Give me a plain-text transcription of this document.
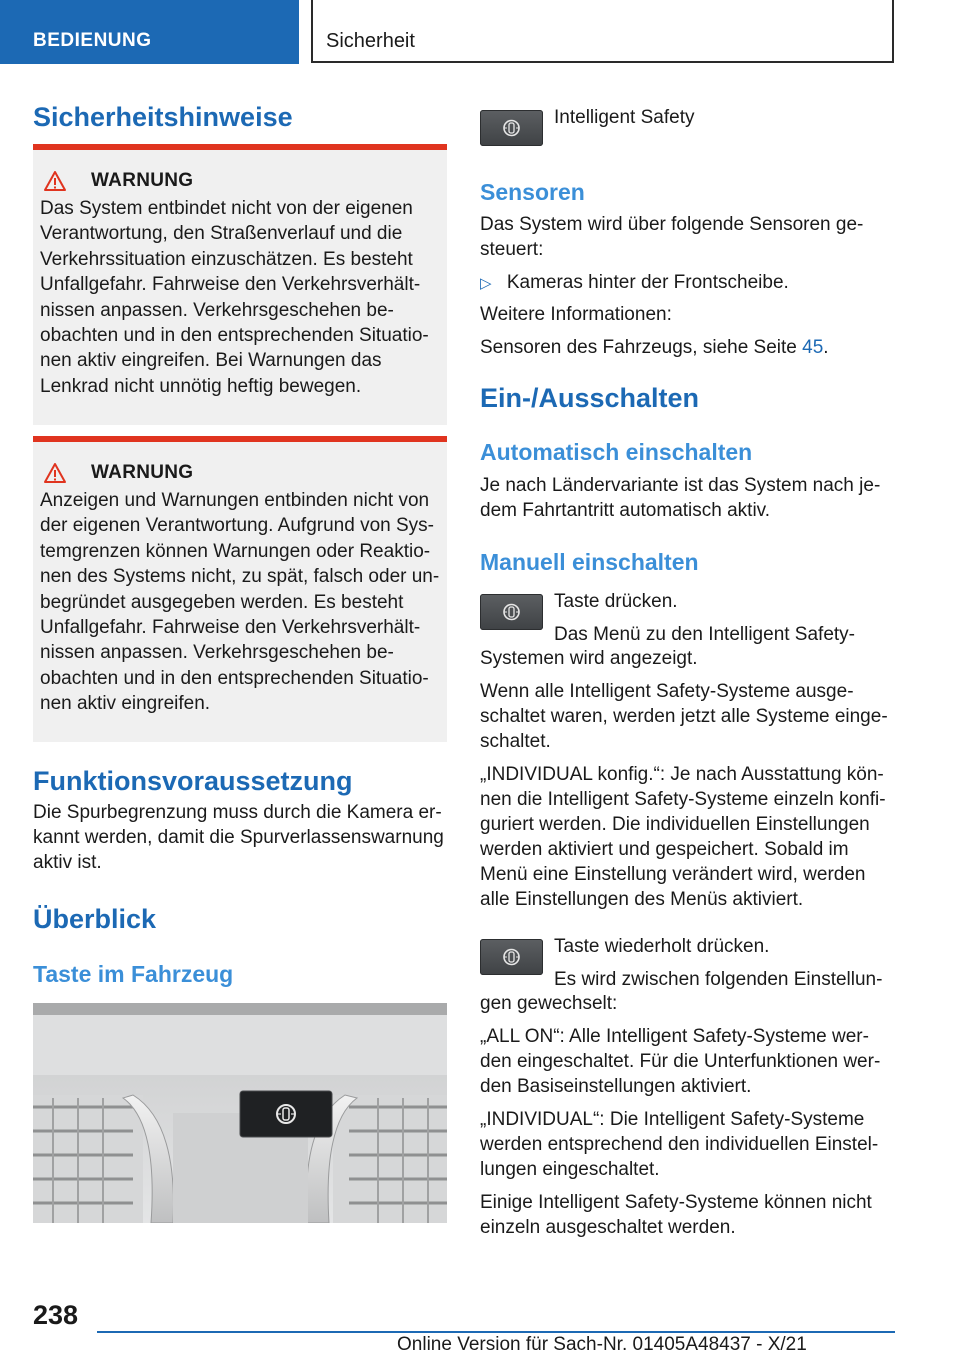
BEDIENUNG	Sicherheit
Sicherheitshinweise
WARNUNG
Das System entbindet nicht von der eigenen
Verantwortung, den Straßenverlauf und die
Verkehrssituation einzuschätzen. Es besteht
Unfallgefahr. Fahrweise den Verkehrsverhält-
nissen anpassen. Verkehrsgeschehen be-
obachten und in den entsprechenden Situatio-
nen aktiv eingreifen. Bei Warnungen das
Lenkrad nicht unnötig heftig bewegen.
WARNUNG
Anzeigen und Warnungen entbinden nicht von
der eigenen Verantwortung. Aufgrund von Sys-
temgrenzen können Warnungen oder Reaktio-
nen des Systems nicht, zu spät, falsch oder un-
begründet ausgegeben werden. Es besteht
Unfallgefahr. Fahrweise den Verkehrsverhält-
nissen anpassen. Verkehrsgeschehen be-
obachten und in den entsprechenden Situatio-
nen aktiv eingreifen.
Funktionsvoraussetzung
Die Spurbegrenzung muss durch die Kamera er-
kannt werden, damit die Spurverlassenswarnung
aktiv ist.
Überblick
Taste im Fahrzeug
Intelligent Safety
Sensoren
Das System wird über folgende Sensoren ge-
steuert:
▷ Kameras hinter der Frontscheibe.
Weitere Informationen:
Sensoren des Fahrzeugs, siehe Seite 45.
Ein-/Ausschalten
Automatisch einschalten
Je nach Ländervariante ist das System nach je-
dem Fahrtantritt automatisch aktiv.
Manuell einschalten
Taste drücken.
Das Menü zu den Intelligent Safety-
Systemen wird angezeigt.
Wenn alle Intelligent Safety-Systeme ausge-
schaltet waren, werden jetzt alle Systeme einge-
schaltet.
„INDIVIDUAL konfig.“: Je nach Ausstattung kön-
nen die Intelligent Safety-Systeme einzeln konfi-
guriert werden. Die individuellen Einstellungen
werden aktiviert und gespeichert. Sobald im
Menü eine Einstellung verändert wird, werden
alle Einstellungen des Menüs aktiviert.
Taste wiederholt drücken.
Es wird zwischen folgenden Einstellun-
gen gewechselt:
„ALL ON“: Alle Intelligent Safety-Systeme wer-
den eingeschaltet. Für die Unterfunktionen wer-
den Basiseinstellungen aktiviert.
„INDIVIDUAL“: Die Intelligent Safety-Systeme
werden entsprechend den individuellen Einstel-
lungen eingeschaltet.
Einige Intelligent Safety-Systeme können nicht
einzeln ausgeschaltet werden.
238
Online Version für Sach-Nr. 01405A48437 - X/21
